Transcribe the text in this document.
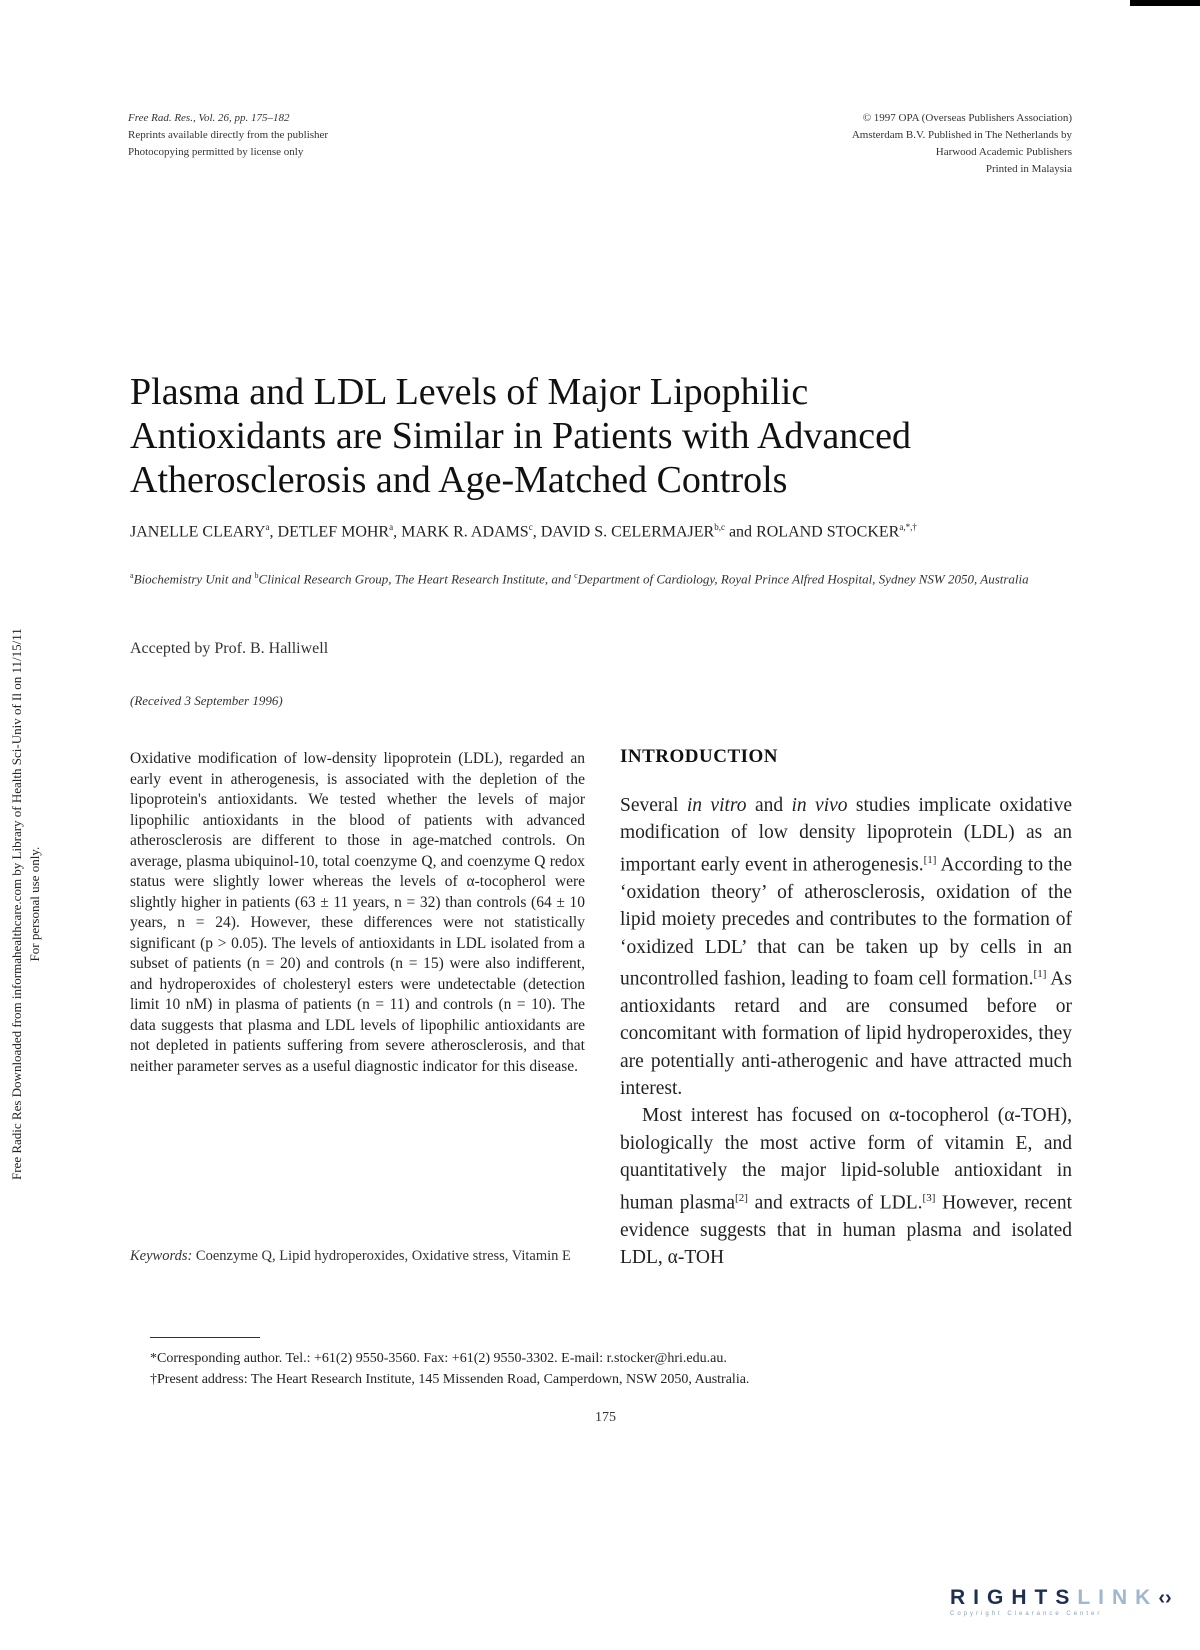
Free Rad. Res., Vol. 26, pp. 175–182
Reprints available directly from the publisher
Photocopying permitted by license only
© 1997 OPA (Overseas Publishers Association)
Amsterdam B.V. Published in The Netherlands by
Harwood Academic Publishers
Printed in Malaysia
Free Radic Res Downloaded from informahealthcare.com by Library of Health Sci-Univ of Il on 11/15/11 For personal use only.
Plasma and LDL Levels of Major Lipophilic
Antioxidants are Similar in Patients with Advanced
Atherosclerosis and Age-Matched Controls
JANELLE CLEARY$^a$, DETLEF MOHR$^a$, MARK R. ADAMS$^c$, DAVID S. CELERMAJER$^{b,c}$ and ROLAND $STOCKER^{a,*,\dagger}$
$^a$Biochemistry Unit and $^b$Clinical Research Group, The Heart Research Institute, and $^c$Department of Cardiology, Royal Prince Alfred Hospital, Sydney NSW 2050, Australia
Accepted by Prof. B. Halliwell
(Received 3 September 1996)

Oxidative modification of low-density lipoprotein (LDL), regarded an early event in atherogenesis, is associated with the depletion of the lipoprotein's antioxidants. We tested whether the levels of major lipophilic antioxidants in the blood of patients with advanced atherosclerosis are different to those in age-matched controls. On average, plasma ubiquinol-10, total coenzyme Q, and coenzyme Q redox status were slightly lower whereas the levels of α-tocopherol were slightly higher in patients (63 ± 11 years, n = 32) than controls (64 ± 10 years, n = 24). However, these differences were not statistically significant (p > 0.05). The levels of antioxidants in LDL isolated from a subset of patients (n = 20) and controls (n = 15) were also indifferent, and hydroperoxides of cholesteryl esters were undetectable (detection limit 10 nM) in plasma of patients (n = 11) and controls (n = 10). The data suggests that plasma and LDL levels of lipophilic antioxidants are not depleted in patients suffering from severe atherosclerosis, and that neither parameter serves as a useful diagnostic indicator for this disease.

Keywords: Coenzyme Q, Lipid hydroperoxides, Oxidative stress, Vitamin E
INTRODUCTION

Several in vitro and in vivo studies implicate oxidative modification of low density lipoprotein (LDL) as an important early event in atherogenesis.[1] According to the ‘oxidation theory’ of atherosclerosis, oxidation of the lipid moiety precedes and contributes to the formation of ‘oxidized LDL’ that can be taken up by cells in an uncontrolled fashion, leading to foam cell formation.[1] As antioxidants retard and are consumed before or concomitant with formation of lipid hydroperoxides, they are potentially anti-atherogenic and have attracted much interest.

Most interest has focused on α-tocopherol (α-TOH), biologically the most active form of vitamin E, and quantitatively the major lipid-soluble antioxidant in human plasma[2] and extracts of LDL.[3] However, recent evidence suggests that in human plasma and isolated LDL, α-TOH

*Corresponding author. Tel.: +61(2) 9550-3560. Fax: +61(2) 9550-3302. E-mail: r.stocker@hri.edu.au.
†Present address: The Heart Research Institute, 145 Missenden Road, Camperdown, NSW 2050, Australia.
175
RIGHTSLINK‹›
Copyright Clearance Center
